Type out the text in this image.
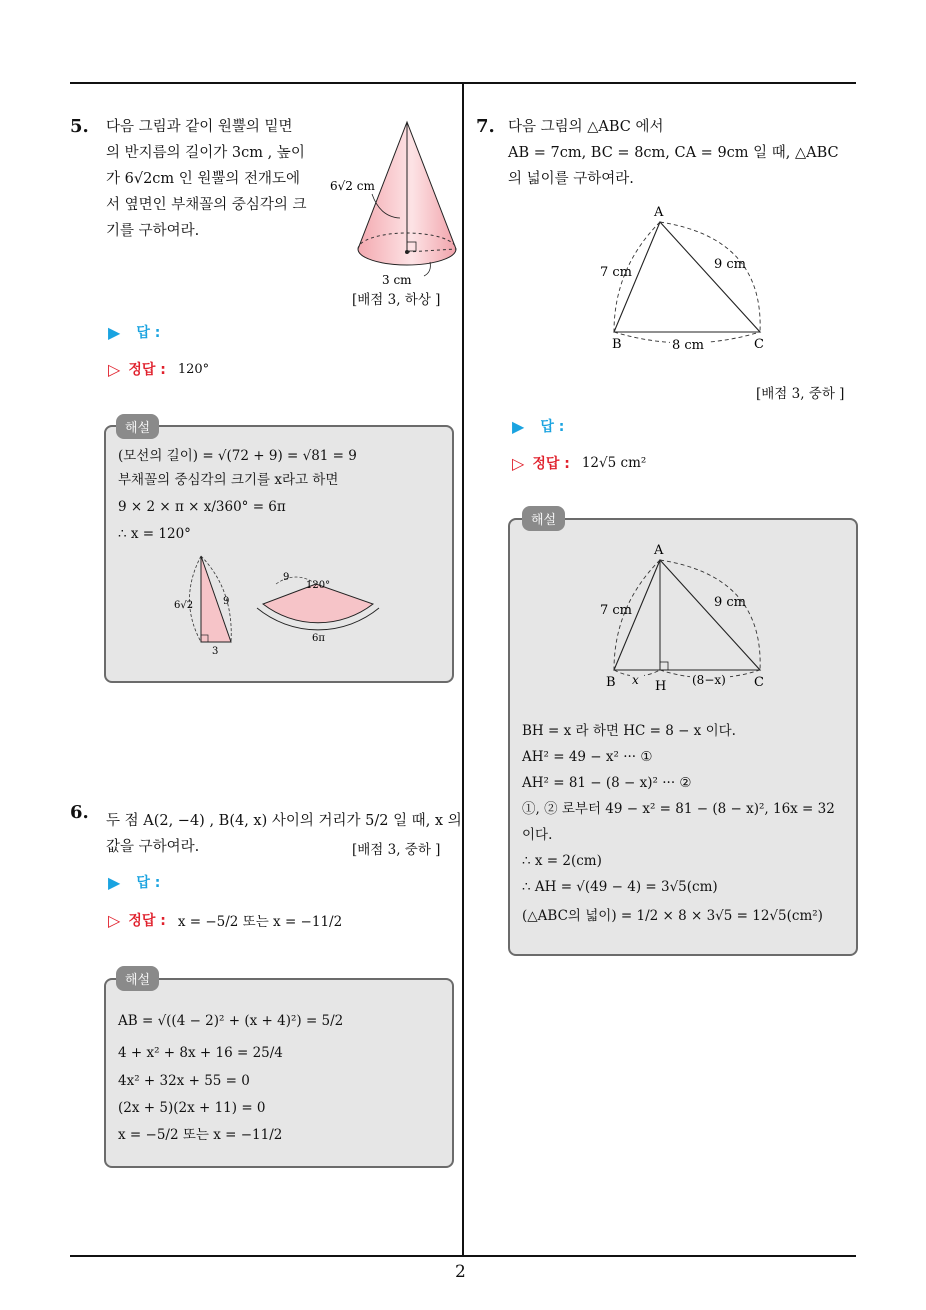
2
5. 다음 그림과 같이 원뿔의 밑면
의 반지름의 길이가 3cm , 높이
가 6√2cm 인 원뿔의 전개도에
서 옆면인 부채꼴의 중심각의 크
기를 구하여라.
6√2 cm
3 cm
[배점 3, 하상 ]
▶ 답 :
▷ 정답 : 120°
해설
(모선의 길이) = √(72 + 9) = √81 = 9
부채꼴의 중심각의 크기를 x라고 하면
9 × 2 × π × x/360° = 6π
∴ x = 120°
6√2	9
3
9
120°
6π
6. 두 점 A(2, −4) , B(4, x) 사이의 거리가 5/2 일 때, x 의
값을 구하여라.	[배점 3, 중하 ]
▶ 답 :
▷ 정답 : x = −5/2 또는 x = −11/2
해설
AB = √((4 − 2)² + (x + 4)²) = 5/2
4 + x² + 8x + 16 = 25/4
4x² + 32x + 55 = 0
(2x + 5)(2x + 11) = 0
x = −5/2 또는 x = −11/2
7. 다음 그림의 △ABC 에서
AB = 7cm, BC = 8cm, CA = 9cm 일 때, △ABC
의 넓이를 구하여라.
A
B	C
7 cm
9 cm
8 cm
[배점 3, 중하 ]
▶ 답 :
▷ 정답 : 12√5 cm²
해설
A
B	C
H
7 cm
9 cm
x	(8−x)
BH = x 라 하면 HC = 8 − x 이다.
AH² = 49 − x² ··· ①
AH² = 81 − (8 − x)² ··· ②
①, ② 로부터 49 − x² = 81 − (8 − x)², 16x = 32
이다.
∴ x = 2(cm)
∴ AH = √(49 − 4) = 3√5(cm)
(△ABC의 넓이) = 1/2 × 8 × 3√5 = 12√5(cm²)
